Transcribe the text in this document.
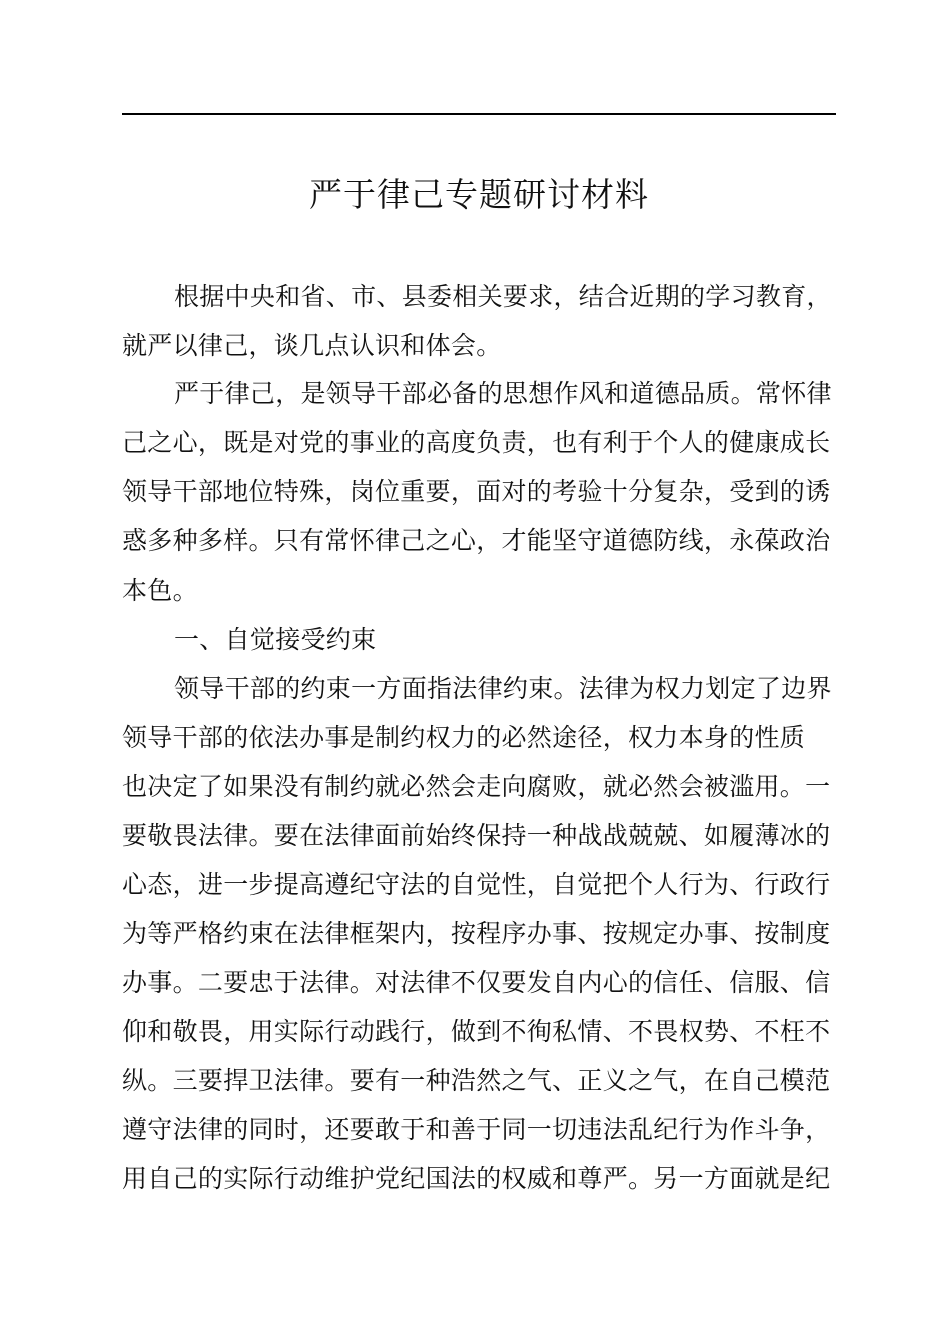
严于律己专题研讨材料
根据中央和省、市、县委相关要求，结合近期的学习教育，
就严以律己，谈几点认识和体会。
严于律己，是领导干部必备的思想作风和道德品质。常怀律
己之心，既是对党的事业的高度负责，也有利于个人的健康成长
领导干部地位特殊，岗位重要，面对的考验十分复杂，受到的诱
惑多种多样。只有常怀律己之心，才能坚守道德防线，永葆政治
本色。
一、自觉接受约束
领导干部的约束一方面指法律约束。法律为权力划定了边界
领导干部的依法办事是制约权力的必然途径，权力本身的性质
也决定了如果没有制约就必然会走向腐败，就必然会被滥用。一
要敬畏法律。要在法律面前始终保持一种战战兢兢、如履薄冰的
心态，进一步提高遵纪守法的自觉性，自觉把个人行为、行政行
为等严格约束在法律框架内，按程序办事、按规定办事、按制度
办事。二要忠于法律。对法律不仅要发自内心的信任、信服、信
仰和敬畏，用实际行动践行，做到不徇私情、不畏权势、不枉不
纵。三要捍卫法律。要有一种浩然之气、正义之气，在自己模范
遵守法律的同时，还要敢于和善于同一切违法乱纪行为作斗争，
用自己的实际行动维护党纪国法的权威和尊严。另一方面就是纪
